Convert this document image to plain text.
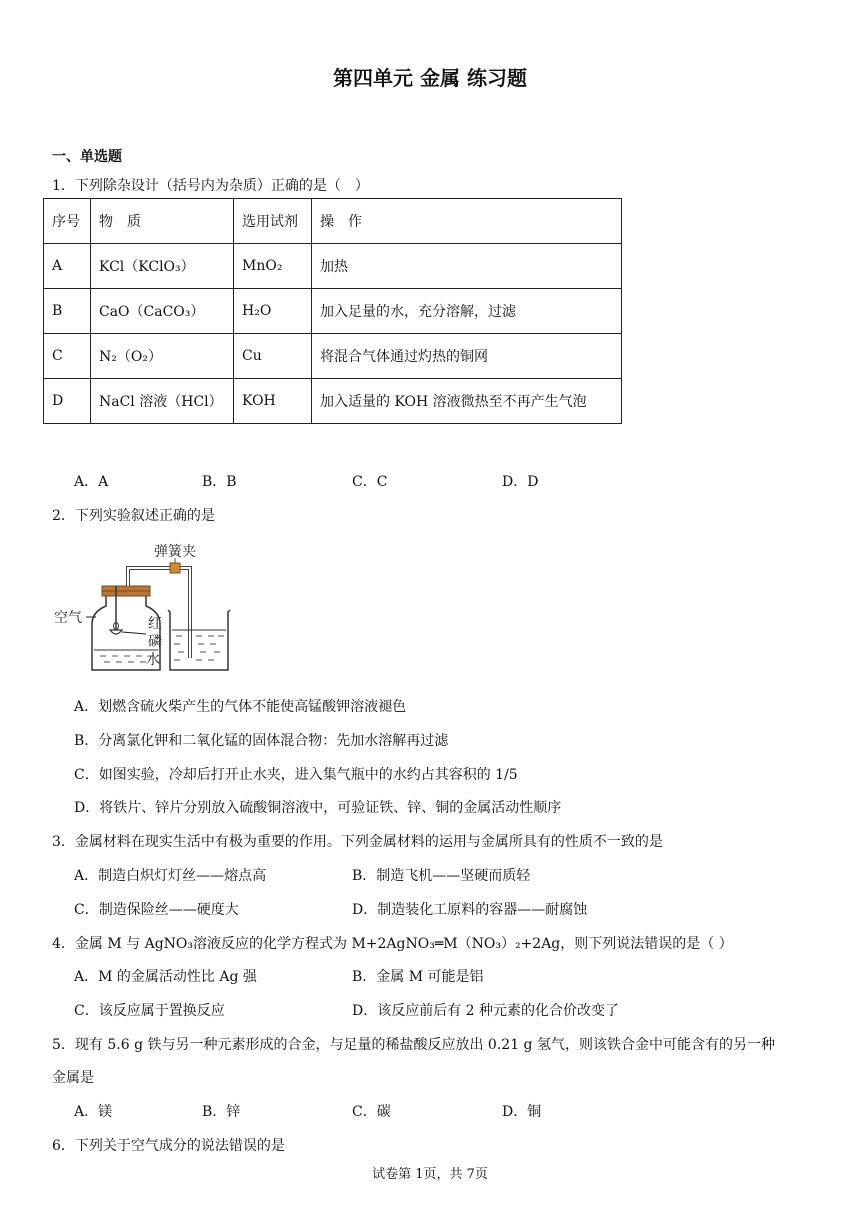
第四单元 金属 练习题
一、单选题
1．下列除杂设计（括号内为杂质）正确的是（　）
序号	物　质	选用试剂	操　作
A	KCl（KClO₃）	MnO₂	加热
B	CaO（CaCO₃）	H₂O	加入足量的水，充分溶解，过滤
C	N₂（O₂）	Cu	将混合气体通过灼热的铜网
D	NaCl 溶液（HCl）	KOH	加入适量的 KOH 溶液微热至不再产生气泡
A．A	B．B	C．C	D．D
2．下列实验叙述正确的是
弹簧夹
空气	红
磷
水
A．划燃含硫火柴产生的气体不能使高锰酸钾溶液褪色
B．分离氯化钾和二氧化锰的固体混合物：先加水溶解再过滤
C．如图实验，冷却后打开止水夹，进入集气瓶中的水约占其容积的 1/5
D．将铁片、锌片分别放入硫酸铜溶液中，可验证铁、锌、铜的金属活动性顺序
3．金属材料在现实生活中有极为重要的作用。下列金属材料的运用与金属所具有的性质不一致的是
A．制造白炽灯灯丝——熔点高	B．制造飞机——坚硬而质轻
C．制造保险丝——硬度大	D．制造装化工原料的容器——耐腐蚀
4．金属 M 与 AgNO₃溶液反应的化学方程式为 M+2AgNO₃═M（NO₃）₂+2Ag，则下列说法错误的是（ ）
A．M 的金属活动性比 Ag 强	B．金属 M 可能是铝
C．该反应属于置换反应	D．该反应前后有 2 种元素的化合价改变了
5．现有 5.6 g 铁与另一种元素形成的合金，与足量的稀盐酸反应放出 0.21 g 氢气，则该铁合金中可能含有的另一种
金属是
A．镁	B．锌	C．碳	D．铜
6．下列关于空气成分的说法错误的是
试卷第 1页，共 7页
